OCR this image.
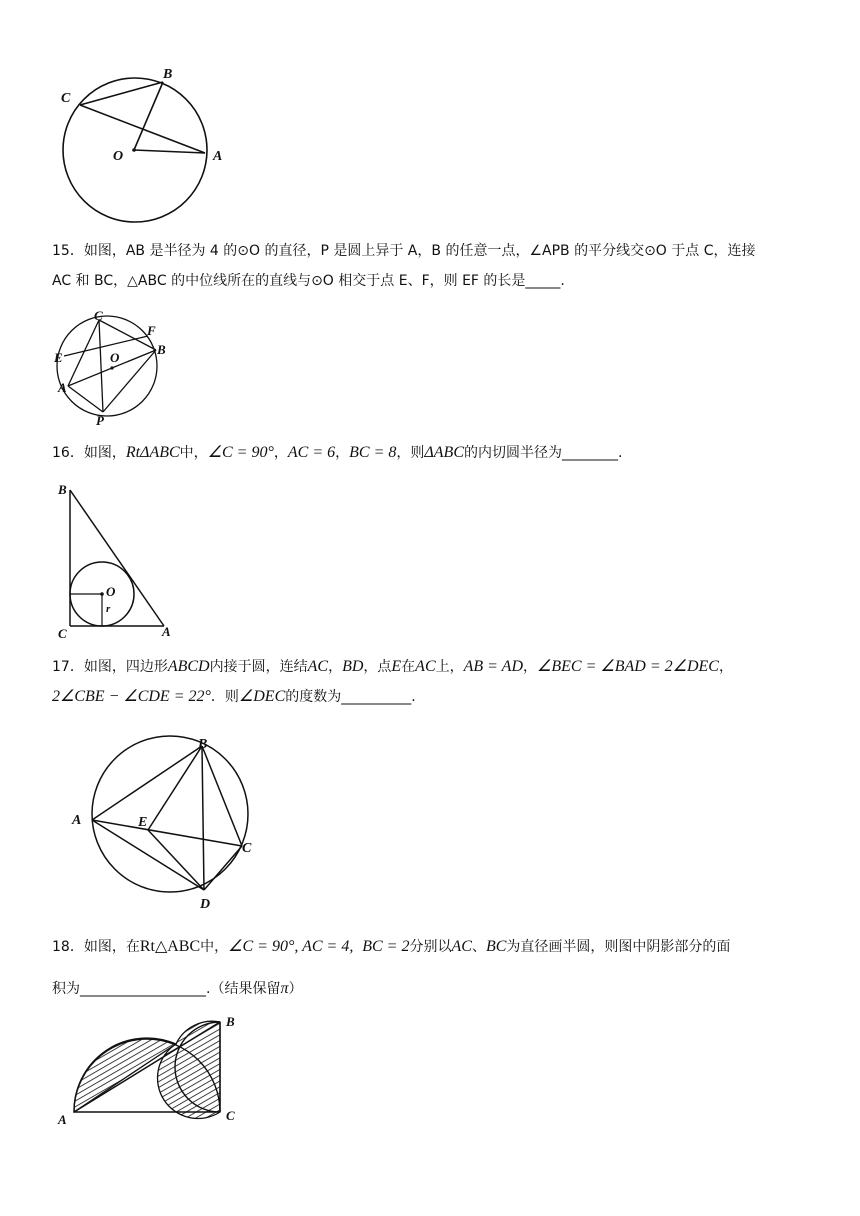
C
B
O	A
15．如图，AB 是半径为 4 的⊙O 的直径，P 是圆上异于 A，B 的任意一点，∠APB 的平分线交⊙O 于点 C，连接
AC 和 BC，△ABC 的中位线所在的直线与⊙O 相交于点 E、F，则 EF 的长是_____.
C
F
E	O
B
A
P
16．如图，RtΔABC中，∠C = 90°，AC = 6，BC = 8，则ΔABC的内切圆半径为________.
B
O
r
C	A
17．如图，四边形ABCD内接于圆，连结AC，BD，点E在AC上，AB = AD，∠BEC = ∠BAD = 2∠DEC，
2∠CBE − ∠CDE = 22°．则∠DEC的度数为__________.
B
A	E
C
D
18．如图，在Rt△ABC中，∠C = 90°, AC = 4, BC = 2分别以AC、BC为直径画半圆，则图中阴影部分的面
积为__________________.（结果保留π）
B
A	C
